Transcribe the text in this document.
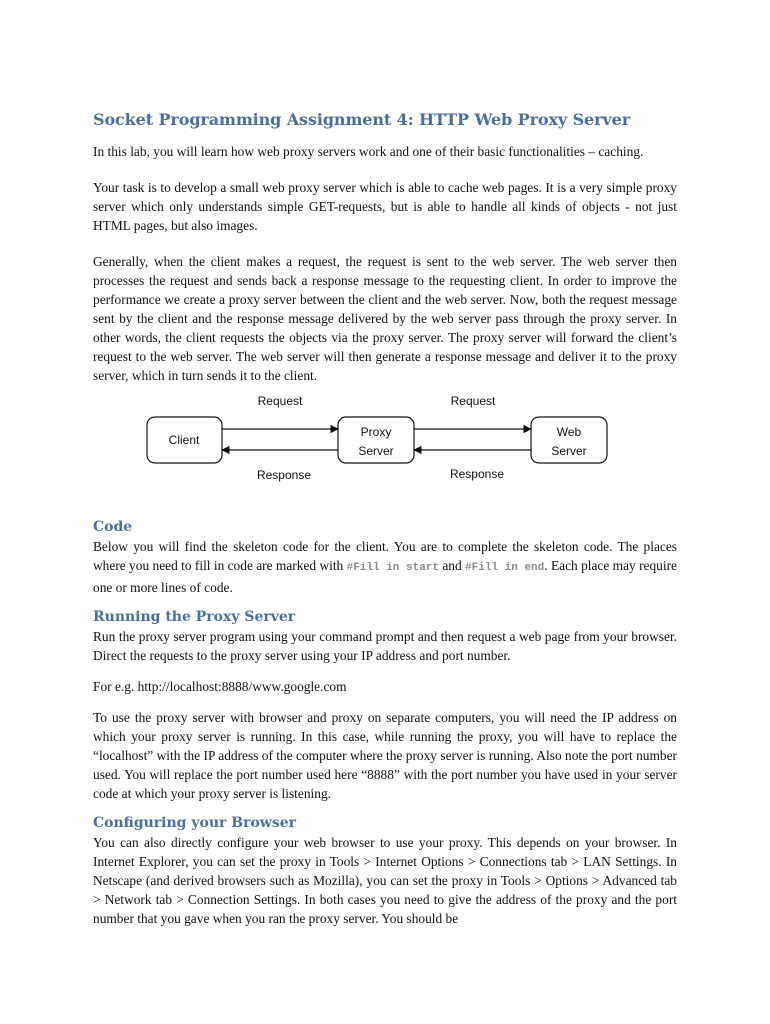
Socket Programming Assignment 4: HTTP Web Proxy Server

In this lab, you will learn how web proxy servers work and one of their basic functionalities – caching.

Your task is to develop a small web proxy server which is able to cache web pages. It is a very simple proxy server which only understands simple GET-requests, but is able to handle all kinds of objects - not just HTML pages, but also images.

Generally, when the client makes a request, the request is sent to the web server. The web server then processes the request and sends back a response message to the requesting client. In order to improve the performance we create a proxy server between the client and the web server. Now, both the request message sent by the client and the response message delivered by the web server pass through the proxy server. In other words, the client requests the objects via the proxy server. The proxy server will forward the client’s request to the web server. The web server will then generate a response message and deliver it to the proxy server, which in turn sends it to the client.

Client
Proxy
Server
Web
Server
Request	Request
Response	Response
Code

Below you will find the skeleton code for the client. You are to complete the skeleton code. The places where you need to fill in code are marked with #Fill in start and #Fill in end. Each place may require one or more lines of code.

Running the Proxy Server

Run the proxy server program using your command prompt and then request a web page from your browser. Direct the requests to the proxy server using your IP address and port number.

For e.g. http://localhost:8888/www.google.com

To use the proxy server with browser and proxy on separate computers, you will need the IP address on which your proxy server is running. In this case, while running the proxy, you will have to replace the “localhost” with the IP address of the computer where the proxy server is running. Also note the port number used. You will replace the port number used here “8888” with the port number you have used in your server code at which your proxy server is listening.

Configuring your Browser

You can also directly configure your web browser to use your proxy. This depends on your browser. In Internet Explorer, you can set the proxy in Tools > Internet Options > Connections tab > LAN Settings. In Netscape (and derived browsers such as Mozilla), you can set the proxy in Tools > Options > Advanced tab > Network tab > Connection Settings. In both cases you need to give the address of the proxy and the port number that you gave when you ran the proxy server. You should be
